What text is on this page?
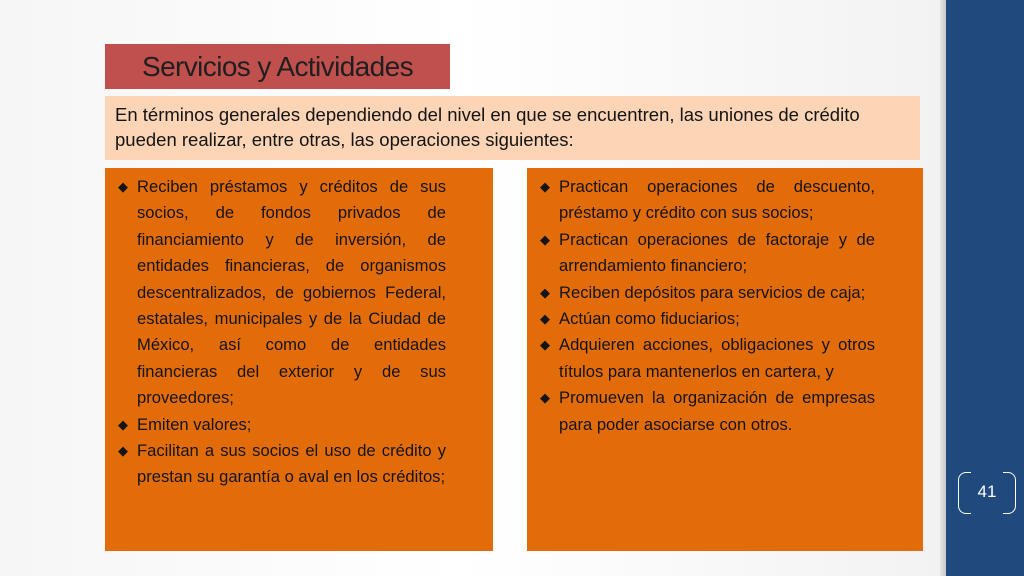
Servicios y Actividades
En términos generales dependiendo del nivel en que se encuentren, las uniones de crédito pueden realizar, entre otras, las operaciones siguientes:
◆ Reciben préstamos y créditos de sus socios, de fondos privados de financiamiento y de inversión, de entidades financieras, de organismos descentralizados, de gobiernos Federal, estatales, municipales y de la Ciudad de México, así como de entidades financieras del exterior y de sus proveedores;
◆ Emiten valores;
◆ Facilitan a sus socios el uso de crédito y prestan su garantía o aval en los créditos;
◆ Practican operaciones de descuento, préstamo y crédito con sus socios;
◆ Practican operaciones de factoraje y de arrendamiento financiero;
◆ Reciben depósitos para servicios de caja;
◆ Actúan como fiduciarios;
◆ Adquieren acciones, obligaciones y otros títulos para mantenerlos en cartera, y
◆ Promueven la organización de empresas para poder asociarse con otros.
41
